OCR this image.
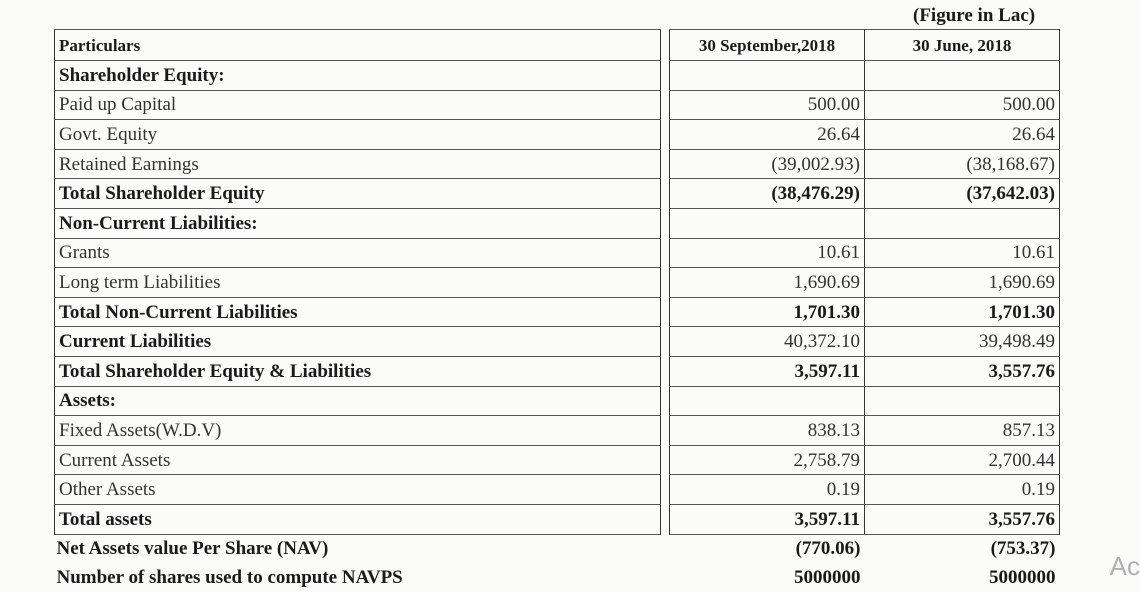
(Figure in Lac)
Particulars		30 September,2018	30 June, 2018
Shareholder Equity:			
Paid up Capital		500.00	500.00
Govt. Equity		26.64	26.64
Retained Earnings		(39,002.93)	(38,168.67)
Total Shareholder Equity		(38,476.29)	(37,642.03)
Non-Current Liabilities:			
Grants		10.61	10.61
Long term Liabilities		1,690.69	1,690.69
Total Non-Current Liabilities		1,701.30	1,701.30
Current Liabilities		40,372.10	39,498.49
Total Shareholder Equity & Liabilities		3,597.11	3,557.76
Assets:			
Fixed Assets(W.D.V)		838.13	857.13
Current Assets		2,758.79	2,700.44
Other Assets		0.19	0.19
Total assets		3,597.11	3,557.76
Net Assets value Per Share (NAV)		(770.06)	(753.37)
Number of shares used to compute NAVPS		5000000	5000000 Ac
